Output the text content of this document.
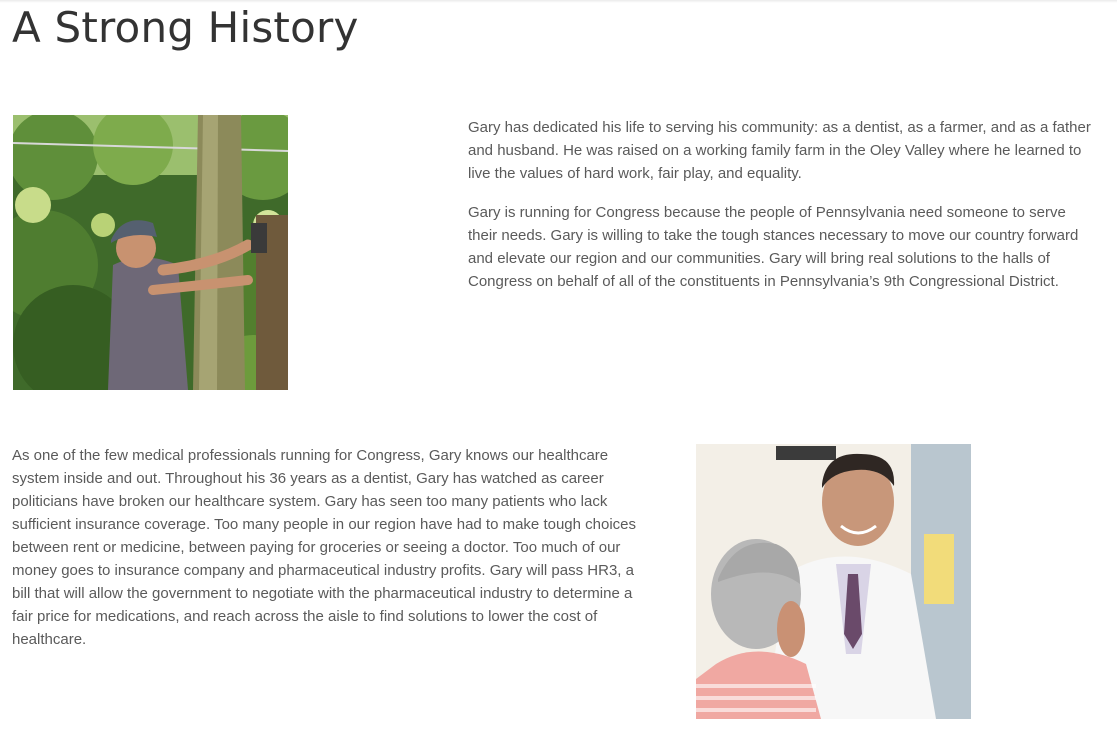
A Strong History

Gary has dedicated his life to serving his community: as a dentist, as a farmer, and as a father and husband. He was raised on a working family farm in the Oley Valley where he learned to live the values of hard work, fair play, and equality.

Gary is running for Congress because the people of Pennsylvania need someone to serve their needs. Gary is willing to take the tough stances necessary to move our country forward and elevate our region and our communities. Gary will bring real solutions to the halls of Congress on behalf of all of the constituents in Pennsylvania’s 9th Congressional District.

As one of the few medical professionals running for Congress, Gary knows our healthcare system inside and out. Throughout his 36 years as a dentist, Gary has watched as career politicians have broken our healthcare system. Gary has seen too many patients who lack sufficient insurance coverage. Too many people in our region have had to make tough choices between rent or medicine, between paying for groceries or seeing a doctor. Too much of our money goes to insurance company and pharmaceutical industry profits. Gary will pass HR3, a bill that will allow the government to negotiate with the pharmaceutical industry to determine a fair price for medications, and reach across the aisle to find solutions to lower the cost of healthcare.
